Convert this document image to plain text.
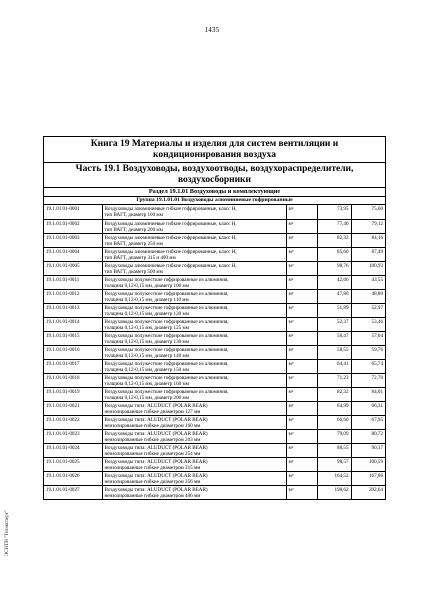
1435
ЭСНТИ "Техэксперт"
Книга 19 Материалы и изделия для систем вентиляции и
кондиционирования воздуха
Часть 19.1 Воздуховоды, воздухоотводы, воздухораспределители,
воздухосборники
Раздел 19.1.01 Воздуховоды и комплектующие
Группа 19.1.01.01 Воздуховоды алюминиевые гофрированные
19.1.01.01-0001	Воздуховоды алюминиевые гибкие гофрированные, класс Н,
тип ВАГТ, диаметр 100 мм	$м^2$	73,95	75,60
19.1.01.01-0002	Воздуховоды алюминиевые гибкие гофрированные, класс Н,
тип ВАГТ, диаметр 200 мм	$м^2$	77,40	79,12
19.1.01.01-0003	Воздуховоды алюминиевые гибкие гофрированные, класс Н,
тип ВАГТ, диаметр 250 мм	$м^2$	82,33	84,16
19.1.01.01-0004	Воздуховоды алюминиевые гибкие гофрированные, класс Н,
тип ВАГТ, диаметр 315 и 400 мм	$м^2$	85,60	87,49
19.1.01.01-0005	Воздуховоды алюминиевые гибкие гофрированные, класс Н,
тип ВАГТ, диаметр 500 мм	$м^2$	98,76	100,93
19.1.01.01-0011	Воздуховоды полужесткие гофрированные из алюминия,
толщина 0,12-0,15 мм, диаметр 100 мм	$м^2$	42,66	43,55
19.1.01.01-0012	Воздуховоды полужесткие гофрированные из алюминия,
толщина 0,12-0,15 мм, диаметр 110 мм	$м^2$	47,80	48,80
19.1.01.01-0013	Воздуховоды полужесткие гофрированные из алюминия,
толщина 0,12-0,15 мм, диаметр 120 мм	$м^2$	51,89	52,97
19.1.01.01-0014	Воздуховоды полужесткие гофрированные из алюминия,
толщина 0,12-0,15 мм, диаметр 125 мм	$м^2$	52,37	53,46
19.1.01.01-0015	Воздуховоды полужесткие гофрированные из алюминия,
толщина 0,12-0,15 мм, диаметр 130 мм	$м^2$	56,47	57,64
19.1.01.01-0016	Воздуховоды полужесткие гофрированные из алюминия,
толщина 0,12-0,15 мм, диаметр 140 мм	$м^2$	58,55	59,76
19.1.01.01-0017	Воздуховоды полужесткие гофрированные из алюминия,
толщина 0,12-0,15 мм, диаметр 150 мм	$м^2$	64,41	65,74
19.1.01.01-0018	Воздуховоды полужесткие гофрированные из алюминия,
толщина 0,12-0,15 мм, диаметр 160 мм	$м^2$	71,23	72,70
19.1.01.01-0019	Воздуховоды полужесткие гофрированные из алюминия,
толщина 0,12-0,15 мм, диаметр 200 мм	$м^2$	82,32	84,01
19.1.01.01-0021	Воздуховоды типа: ALUDUCT (POLAR BEAR)
неизолированные гибкие диаметром 127 мм	$м^2$	64,99	66,31
19.1.01.01-0022	Воздуховоды типа: ALUDUCT (POLAR BEAR)
неизолированные гибкие диаметром 160 мм	$м^2$	66,60	67,95
19.1.01.01-0023	Воздуховоды типа: ALUDUCT (POLAR BEAR)
неизолированные гибкие диаметром 203 мм	$м^2$	79,09	80,72
19.1.01.01-0024	Воздуховоды типа: ALUDUCT (POLAR BEAR)
неизолированные гибкие диаметром 254 мм	$м^2$	88,55	90,37
19.1.01.01-0025	Воздуховоды типа: ALUDUCT (POLAR BEAR)
неизолированные гибкие диаметром 315 мм	$м^2$	98,57	100,59
19.1.01.01-0026	Воздуховоды типа: ALUDUCT (POLAR BEAR)
неизолированные гибкие диаметром 356 мм	$м^2$	164,52	167,86
19.1.01.01-0027	Воздуховоды типа: ALUDUCT (POLAR BEAR)
неизолированные гибкие диаметром 406 мм	$м^2$	198,62	202,64
